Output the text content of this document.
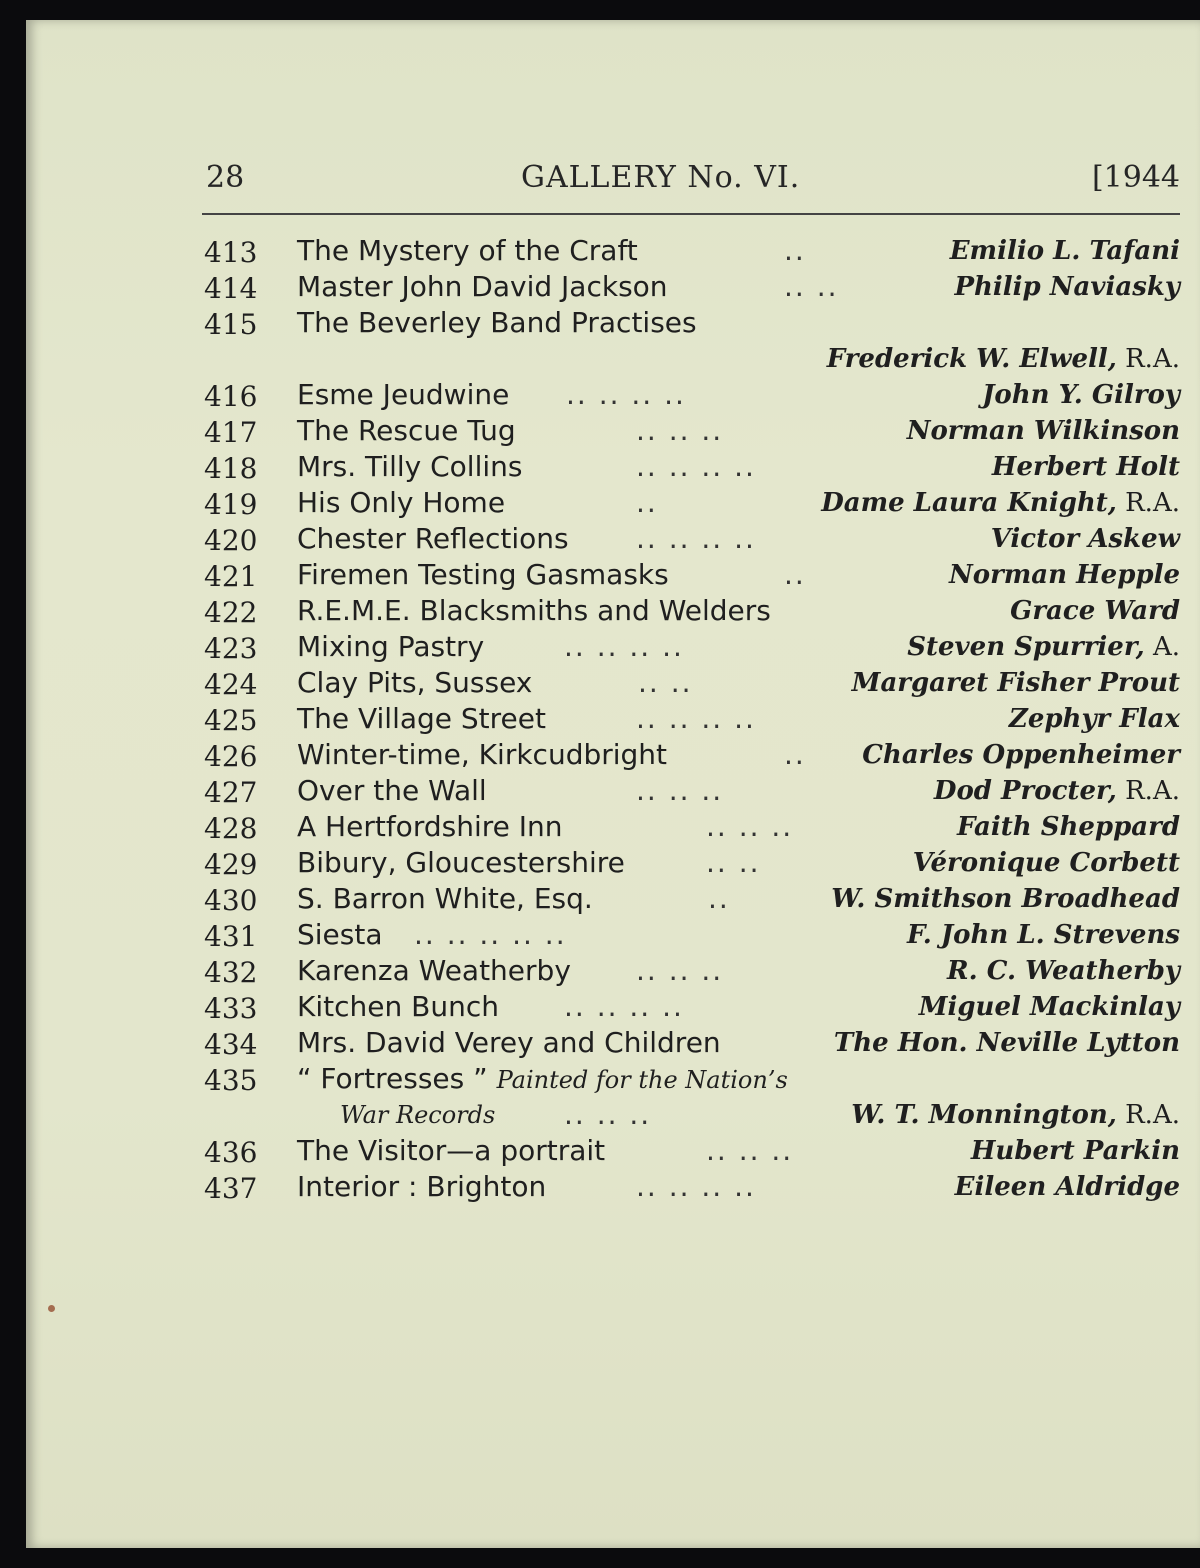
28	GALLERY No. VI.	[1944
413 The Mystery of the Craft	..	Emilio L. Tafani
414 Master John David Jackson	.. ..	Philip Naviasky
415 The Beverley Band Practises
Frederick W. Elwell, R.A.
416 Esme Jeudwine .. .. .. ..	John Y. Gilroy
417 The Rescue Tug	.. .. ..	Norman Wilkinson
418 Mrs. Tilly Collins	.. .. .. ..	Herbert Holt
419 His Only Home	..	Dame Laura Knight, R.A.
420 Chester Reflections .. .. .. ..	Victor Askew
421 Firemen Testing Gasmasks	..	Norman Hepple
422 R.E.M.E. Blacksmiths and Welders	Grace Ward
423 Mixing Pastry	.. .. .. ..	Steven Spurrier, A.
424 Clay Pits, Sussex	.. ..	Margaret Fisher Prout
425 The Village Street	.. .. .. ..	Zephyr Flax
426 Winter-time, Kirkcudbright	.. Charles Oppenheimer
427 Over the Wall	.. .. ..	Dod Procter, R.A.
428 A Hertfordshire Inn	.. .. ..	Faith Sheppard
429 Bibury, Gloucestershire	.. ..	Véronique Corbett
430 S. Barron White, Esq.	..	W. Smithson Broadhead
431 Siesta .. .. .. .. ..	F. John L. Strevens
432 Karenza Weatherby .. .. ..	R. C. Weatherby
433 Kitchen Bunch .. .. .. ..	Miguel Mackinlay
434 Mrs. David Verey and Children	The Hon. Neville Lytton
435 “ Fortresses ” Painted for the Nation’s
War Records .. .. ..	W. T. Monnington, R.A.
436 The Visitor—a portrait	.. .. ..	Hubert Parkin
437 Interior : Brighton	.. .. .. ..	Eileen Aldridge
